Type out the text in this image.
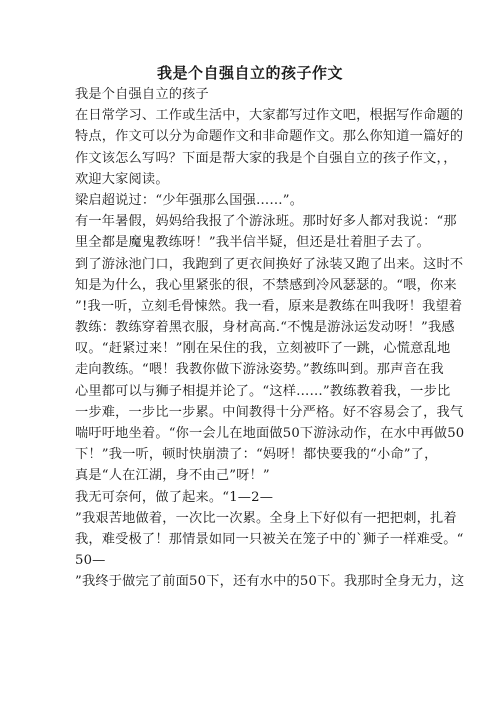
我是个自强自立的孩子作文
我是个自强自立的孩子
在日常学习、工作或生活中，大家都写过作文吧，根据写作命题的
特点，作文可以分为命题作文和非命题作文。那么你知道一篇好的
作文该怎么写吗？下面是帮大家的我是个自强自立的孩子作文，，
欢迎大家阅读。
梁启超说过：“少年强那么国强……”。
有一年暑假，妈妈给我报了个游泳班。那时好多人都对我说：“那
里全都是魔鬼教练呀！”我半信半疑，但还是壮着胆子去了。
到了游泳池门口，我跑到了更衣间换好了泳装又跑了出来。这时不
知是为什么，我心里紧张的很，不禁感到冷风瑟瑟的。“喂，你来
”!我一听，立刻毛骨悚然。我一看，原来是教练在叫我呀！我望着
教练：教练穿着黑衣服，身材高高.“不愧是游泳运发动呀！”我感
叹。“赶紧过来！”刚在呆住的我，立刻被吓了一跳，心慌意乱地
走向教练。“喂！我教你做下游泳姿势。”教练叫到。那声音在我
心里都可以与狮子相提并论了。“这样……”教练教着我，一步比
一步难，一步比一步累。中间教得十分严格。好不容易会了，我气
喘吁吁地坐着。“你一会儿在地面做50下游泳动作，在水中再做50
下！”我一听，顿时快崩溃了：“妈呀！都快要我的“小命”了，
真是“人在江湖，身不由己”呀！”
我无可奈何，做了起来。“1—2—
”我艰苦地做着，一次比一次累。全身上下好似有一把把刺，扎着
我，难受极了！那情景如同一只被关在笼子中的`狮子一样难受。“
50—
”我终于做完了前面50下，还有水中的50下。我那时全身无力，这
